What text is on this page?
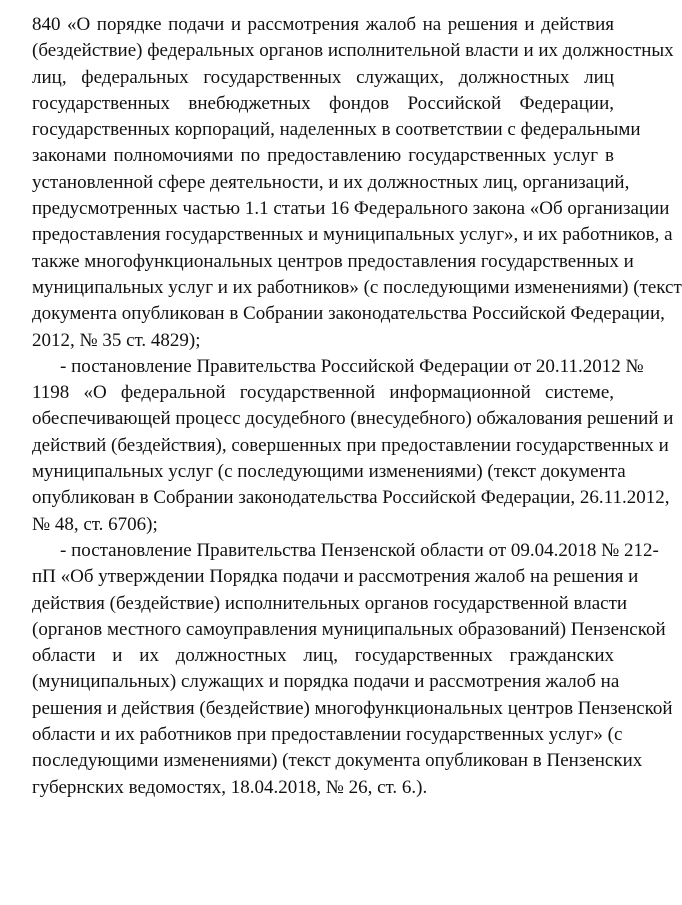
840 «О порядке подачи и рассмотрения жалоб на решения и действия
(бездействие) федеральных органов исполнительной власти и их должностных
лиц, федеральных государственных служащих, должностных лиц
государственных внебюджетных фондов Российской Федерации,
государственных корпораций, наделенных в соответствии с федеральными
законами полномочиями по предоставлению государственных услуг в
установленной сфере деятельности, и их должностных лиц, организаций,
предусмотренных частью 1.1 статьи 16 Федерального закона «Об организации
предоставления государственных и муниципальных услуг», и их работников, а
также многофункциональных центров предоставления государственных и
муниципальных услуг и их работников» (с последующими изменениями) (текст
документа опубликован в Собрании законодательства Российской Федерации,
2012, № 35 ст. 4829);
- постановление Правительства Российской Федерации от 20.11.2012 №
1198 «О федеральной государственной информационной системе,
обеспечивающей процесс досудебного (внесудебного) обжалования решений и
действий (бездействия), совершенных при предоставлении государственных и
муниципальных услуг (с последующими изменениями) (текст документа
опубликован в Собрании законодательства Российской Федерации, 26.11.2012,
№ 48, ст. 6706);
- постановление Правительства Пензенской области от 09.04.2018 № 212-
пП «Об утверждении Порядка подачи и рассмотрения жалоб на решения и
действия (бездействие) исполнительных органов государственной власти
(органов местного самоуправления муниципальных образований) Пензенской
области и их должностных лиц, государственных гражданских
(муниципальных) служащих и порядка подачи и рассмотрения жалоб на
решения и действия (бездействие) многофункциональных центров Пензенской
области и их работников при предоставлении государственных услуг» (с
последующими изменениями) (текст документа опубликован в Пензенских
губернских ведомостях, 18.04.2018, № 26, ст. 6.).
